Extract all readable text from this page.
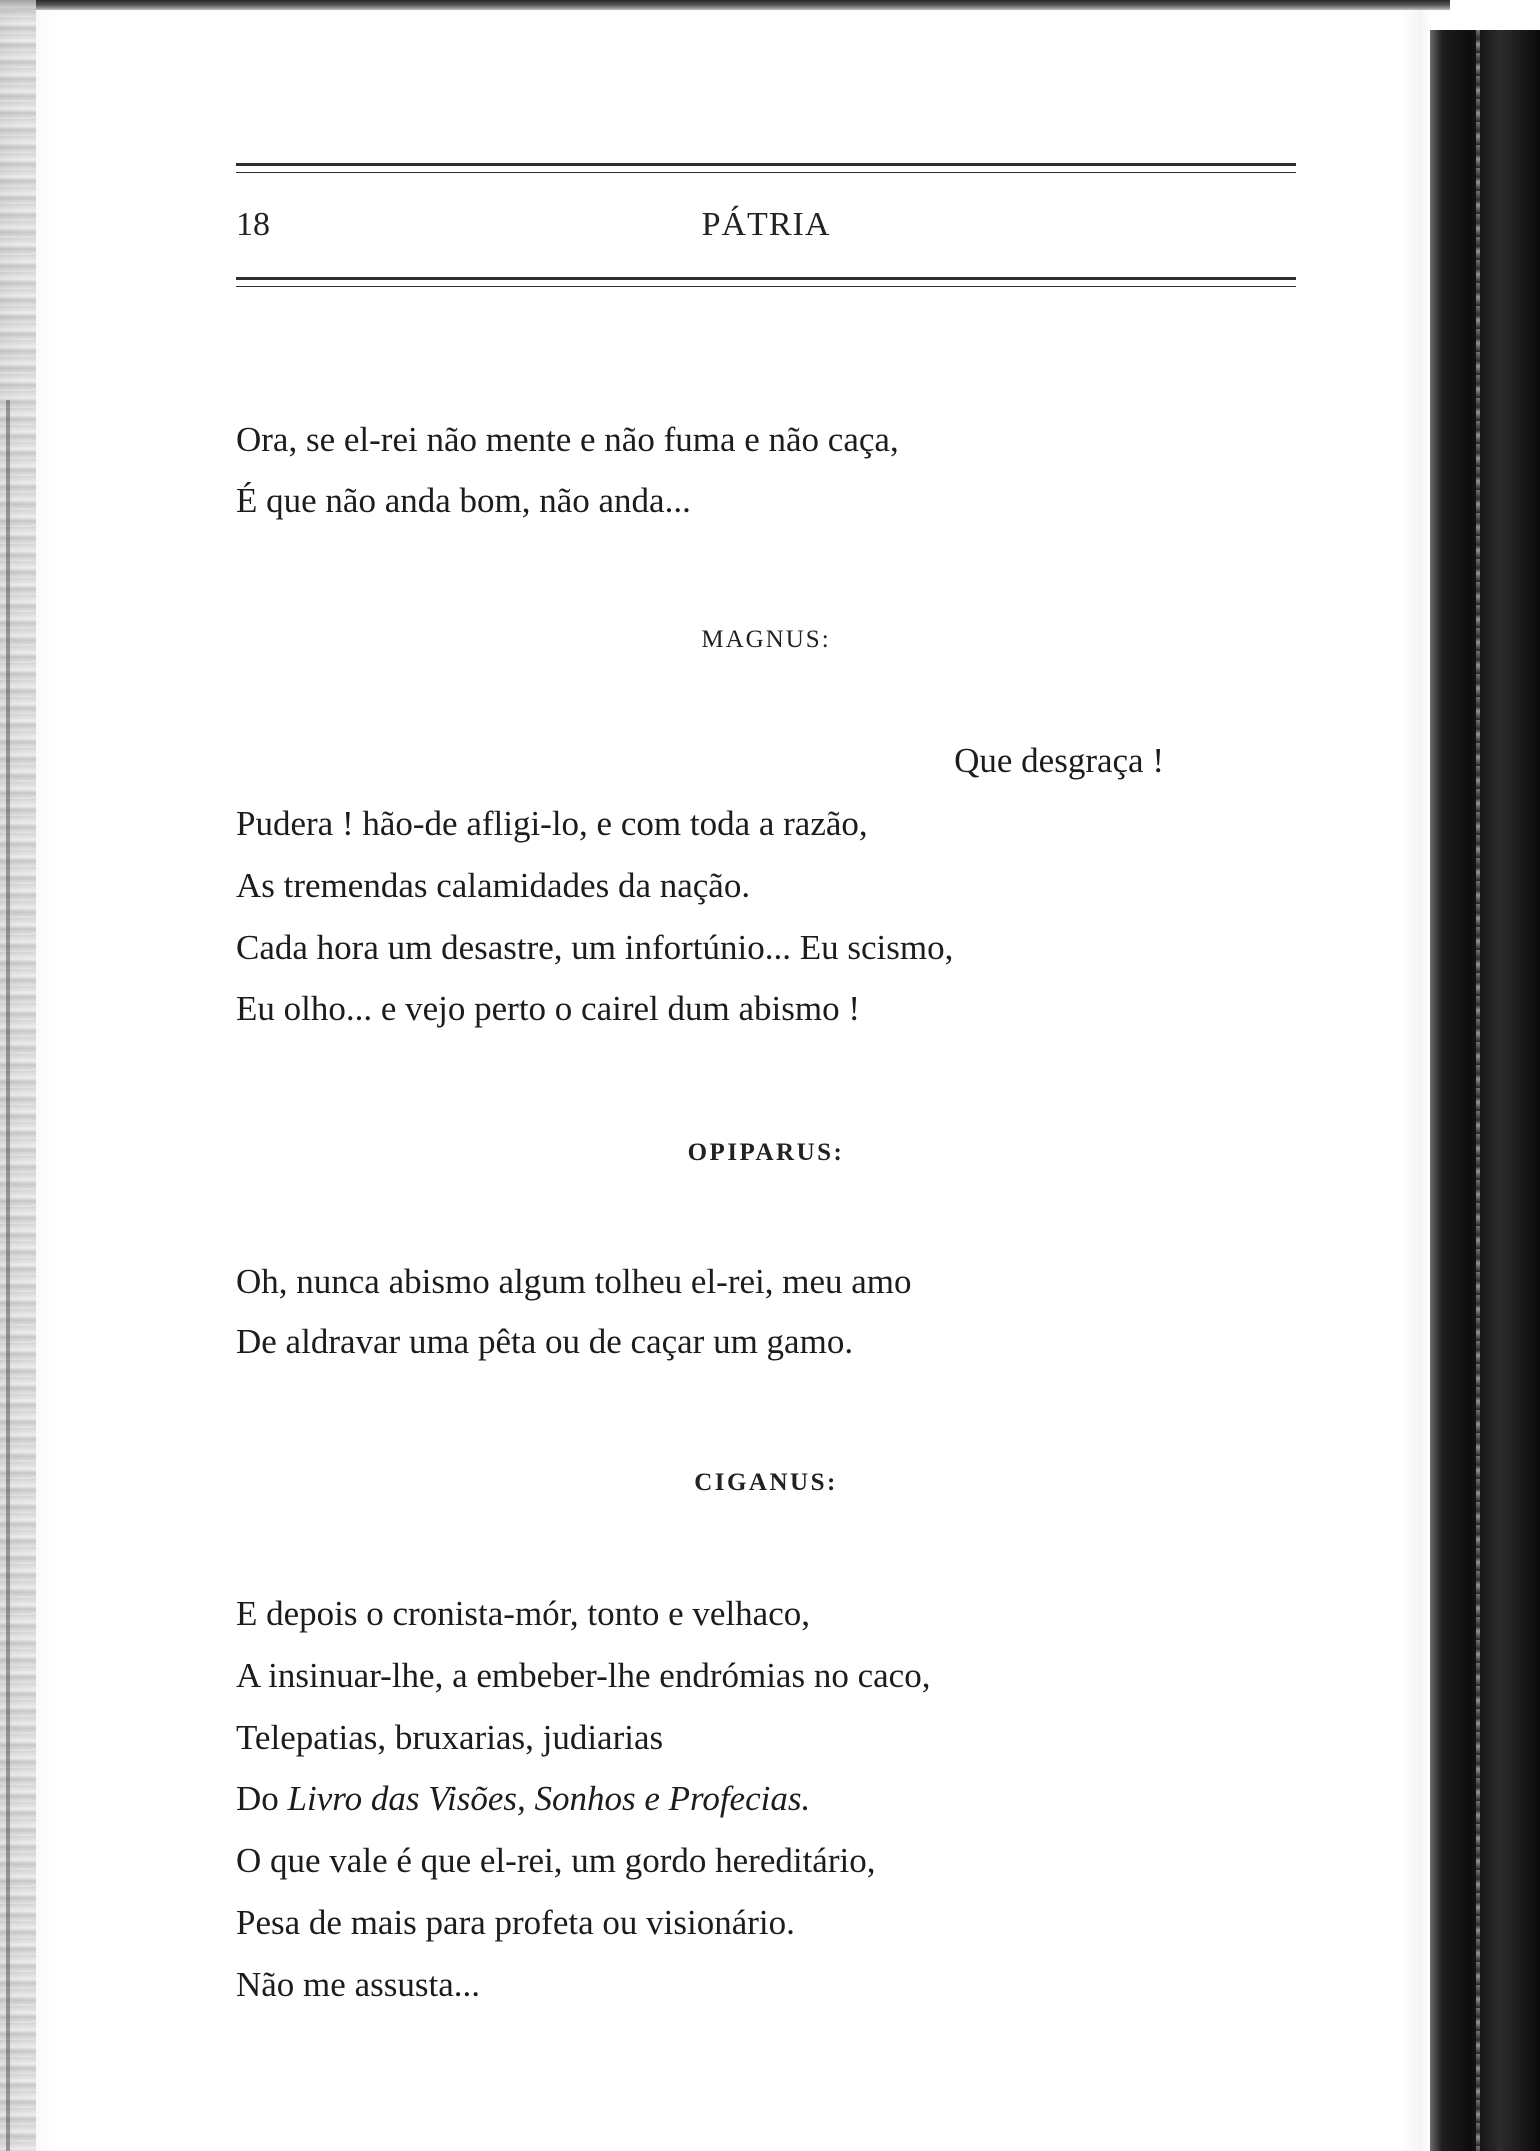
18	PÁTRIA
Ora, se el-rei não mente e não fuma e não caça,
É que não anda bom, não anda...
MAGNUS:
Que desgraça !
Pudera ! hão-de afligi-lo, e com toda a razão,
As tremendas calamidades da nação.
Cada hora um desastre, um infortúnio... Eu scismo,
Eu olho... e vejo perto o cairel dum abismo !
OPIPARUS:
Oh, nunca abismo algum tolheu el-rei, meu amo
De aldravar uma pêta ou de caçar um gamo.
CIGANUS:
E depois o cronista-mór, tonto e velhaco,
A insinuar-lhe, a embeber-lhe endrómias no caco,
Telepatias, bruxarias, judiarias
Do Livro das Visões, Sonhos e Profecias.
O que vale é que el-rei, um gordo hereditário,
Pesa de mais para profeta ou visionário.
Não me assusta...
